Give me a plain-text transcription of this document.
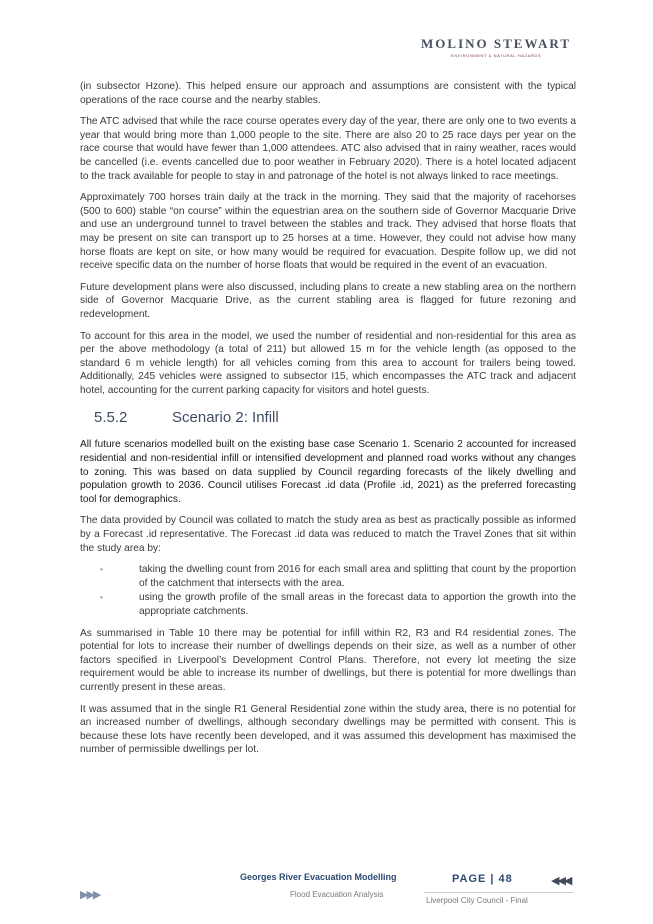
MOLINO STEWART
ENVIRONMENT & NATURAL HAZARDS

(in subsector Hzone). This helped ensure our approach and assumptions are consistent with the typical operations of the race course and the nearby stables.

The ATC advised that while the race course operates every day of the year, there are only one to two events a year that would bring more than 1,000 people to the site. There are also 20 to 25 race days per year on the race course that would have fewer than 1,000 attendees. ATC also advised that in rainy weather, races would be cancelled (i.e. events cancelled due to poor weather in February 2020). There is a hotel located adjacent to the track available for people to stay in and patronage of the hotel is not always linked to race meetings.

Approximately 700 horses train daily at the track in the morning. They said that the majority of racehorses (500 to 600) stable “on course” within the equestrian area on the southern side of Governor Macquarie Drive and use an underground tunnel to travel between the stables and track. They advised that horse floats that may be present on site can transport up to 25 horses at a time. However, they could not advise how many horse floats are kept on site, or how many would be required for evacuation. Despite follow up, we did not receive specific data on the number of horse floats that would be required in the event of an evacuation.

Future development plans were also discussed, including plans to create a new stabling area on the northern side of Governor Macquarie Drive, as the current stabling area is flagged for future rezoning and redevelopment.

To account for this area in the model, we used the number of residential and non-residential for this area as per the above methodology (a total of 211) but allowed 15 m for the vehicle length (as opposed to the standard 6 m vehicle length) for all vehicles coming from this area to account for trailers being towed. Additionally, 245 vehicles were assigned to subsector I15, which encompasses the ATC track and adjacent hotel, accounting for the current parking capacity for visitors and hotel guests.

5.5.2	Scenario 2: Infill

All future scenarios modelled built on the existing base case Scenario 1. Scenario 2 accounted for increased residential and non-residential infill or intensified development and planned road works without any changes to zoning. This was based on data supplied by Council regarding forecasts of the likely dwelling and population growth to 2036. Council utilises Forecast .id data (Profile .id, 2021) as the preferred forecasting tool for demographics.

The data provided by Council was collated to match the study area as best as practically possible as informed by a Forecast .id representative. The Forecast .id data was reduced to match the Travel Zones that sit within the study area by:

•	taking the dwelling count from 2016 for each small area and splitting that count by the proportion of the catchment that intersects with the area.
•	using the growth profile of the small areas in the forecast data to apportion the growth into the appropriate catchments.

As summarised in Table 10 there may be potential for infill within R2, R3 and R4 residential zones. The potential for lots to increase their number of dwellings depends on their size, as well as a number of other factors specified in Liverpool’s Development Control Plans. Therefore, not every lot meeting the size requirement would be able to increase its number of dwellings, but there is potential for more dwellings than currently present in these areas.

It was assumed that in the single R1 General Residential zone within the study area, there is no potential for an increased number of dwellings, although secondary dwellings may be permitted with consent. This is because these lots have recently been developed, and it was assumed this development has maximised the number of permissible dwellings per lot.

Georges River Evacuation Modelling
Flood Evacuation Analysis
PAGE | 48
Liverpool City Council - Final
▶▶▶
◀◀◀
